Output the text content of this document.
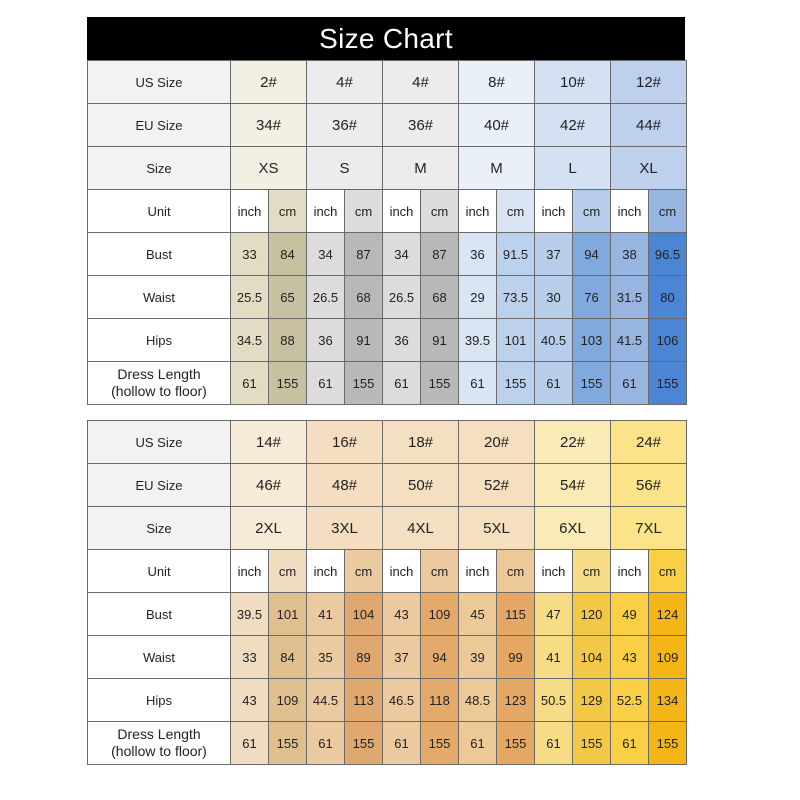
Size Chart
US Size	2#		4#		4#		8#		10#		12#	
EU Size	34#		36#		36#		40#		42#		44#	
Size	XS		S		M		M		L		XL	
Unit	inch	cm	inch	cm	inch	cm	inch	cm	inch	cm	inch	cm
Bust	33	84	34	87	34	87	36	91.5	37	94	38	96.5
Waist	25.5	65	26.5	68	26.5	68	29	73.5	30	76	31.5	80
Hips	34.5	88	36	91	36	91	39.5	101	40.5	103	41.5	106

Dress Length
(hollow to floor)	61	155	61	155	61	155	61	155	61	155	61	155
US Size	14#		16#		18#		20#		22#		24#	
EU Size	46#		48#		50#		52#		54#		56#	
Size	2XL		3XL		4XL		5XL		6XL		7XL	
Unit	inch	cm	inch	cm	inch	cm	inch	cm	inch	cm	inch	cm
Bust	39.5	101	41	104	43	109	45	115	47	120	49	124
Waist	33	84	35	89	37	94	39	99	41	104	43	109
Hips	43	109	44.5	113	46.5	118	48.5	123	50.5	129	52.5	134

Dress Length
(hollow to floor)	61	155	61	155	61	155	61	155	61	155	61	155
